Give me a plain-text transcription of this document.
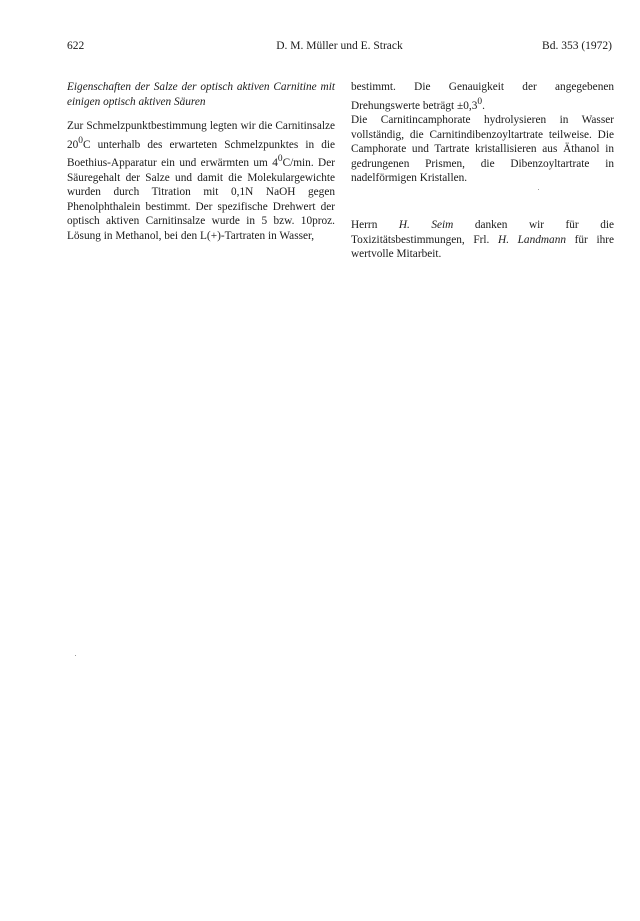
622	D. M. Müller und E. Strack	Bd. 353 (1972)

Eigenschaften der Salze der optisch aktiven Carnitine mit einigen optisch aktiven Säuren

Zur Schmelzpunktbestimmung legten wir die Carnitinsalze $20^0C$ unterhalb des erwarteten Schmelzpunktes in die Boethius-Apparatur ein und erwärmten um $4^0C/\min$. Der Säuregehalt der Salze und damit die Molekulargewichte wurden durch Titration mit 0,1N NaOH gegen Phenolphthalein bestimmt. Der spezifische Drehwert der optisch aktiven Carnitinsalze wurde in 5 bzw. 10proz. Lösung in Methanol, bei den L(+)-Tartraten in Wasser,

bestimmt. Die Genauigkeit der angegebenen Drehungswerte beträgt $\pm 0,3^0$.

Die Carnitincamphorate hydrolysieren in Wasser vollständig, die Carnitindibenzoyltartrate teilweise. Die Camphorate und Tartrate kristallisieren aus Äthanol in gedrungenen Prismen, die Dibenzoyltartrate in nadelförmigen Kristallen.

Herrn H. Seim danken wir für die Toxizitätsbestimmungen, Frl. H. Landmann für ihre wertvolle Mitarbeit.
